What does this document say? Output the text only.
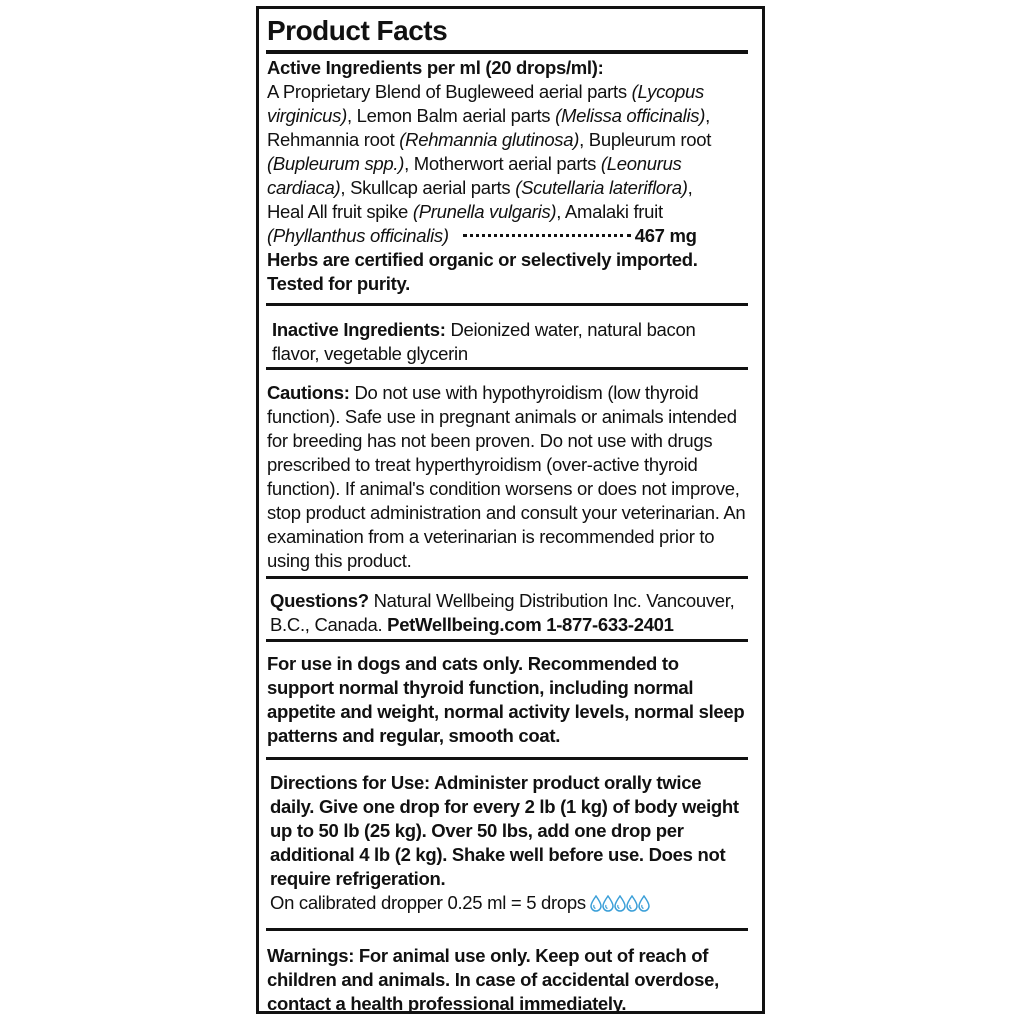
Product Facts
Active Ingredients per ml (20 drops/ml):
A Proprietary Blend of Bugleweed aerial parts (Lycopus
virginicus), Lemon Balm aerial parts (Melissa officinalis),
Rehmannia root (Rehmannia glutinosa), Bupleurum root
(Bupleurum spp.), Motherwort aerial parts (Leonurus
cardiaca), Skullcap aerial parts (Scutellaria lateriflora),
Heal All fruit spike (Prunella vulgaris), Amalaki fruit
(Phyllanthus officinalis)	467 mg
Herbs are certified organic or selectively imported. Tested for purity.
Inactive Ingredients: Deionized water, natural bacon flavor, vegetable glycerin
Cautions: Do not use with hypothyroidism (low thyroid function). Safe use in pregnant animals or animals intended for breeding has not been proven. Do not use with drugs prescribed to treat hyperthyroidism (over-active thyroid function). If animal's condition worsens or does not improve, stop product administration and consult your veterinarian. An examination from a veterinarian is recommended prior to using this product.
Questions? Natural Wellbeing Distribution Inc. Vancouver, B.C., Canada. PetWellbeing.com 1-877-633-2401
For use in dogs and cats only. Recommended to support normal thyroid function, including normal appetite and weight, normal activity levels, normal sleep patterns and regular, smooth coat.
Directions for Use: Administer product orally twice daily. Give one drop for every 2 lb (1 kg) of body weight up to 50 lb (25 kg). Over 50 lbs, add one drop per additional 4 lb (2 kg). Shake well before use. Does not require refrigeration.
On calibrated dropper 0.25 ml = 5 drops
Warnings: For animal use only. Keep out of reach of children and animals. In case of accidental overdose, contact a health professional immediately.
